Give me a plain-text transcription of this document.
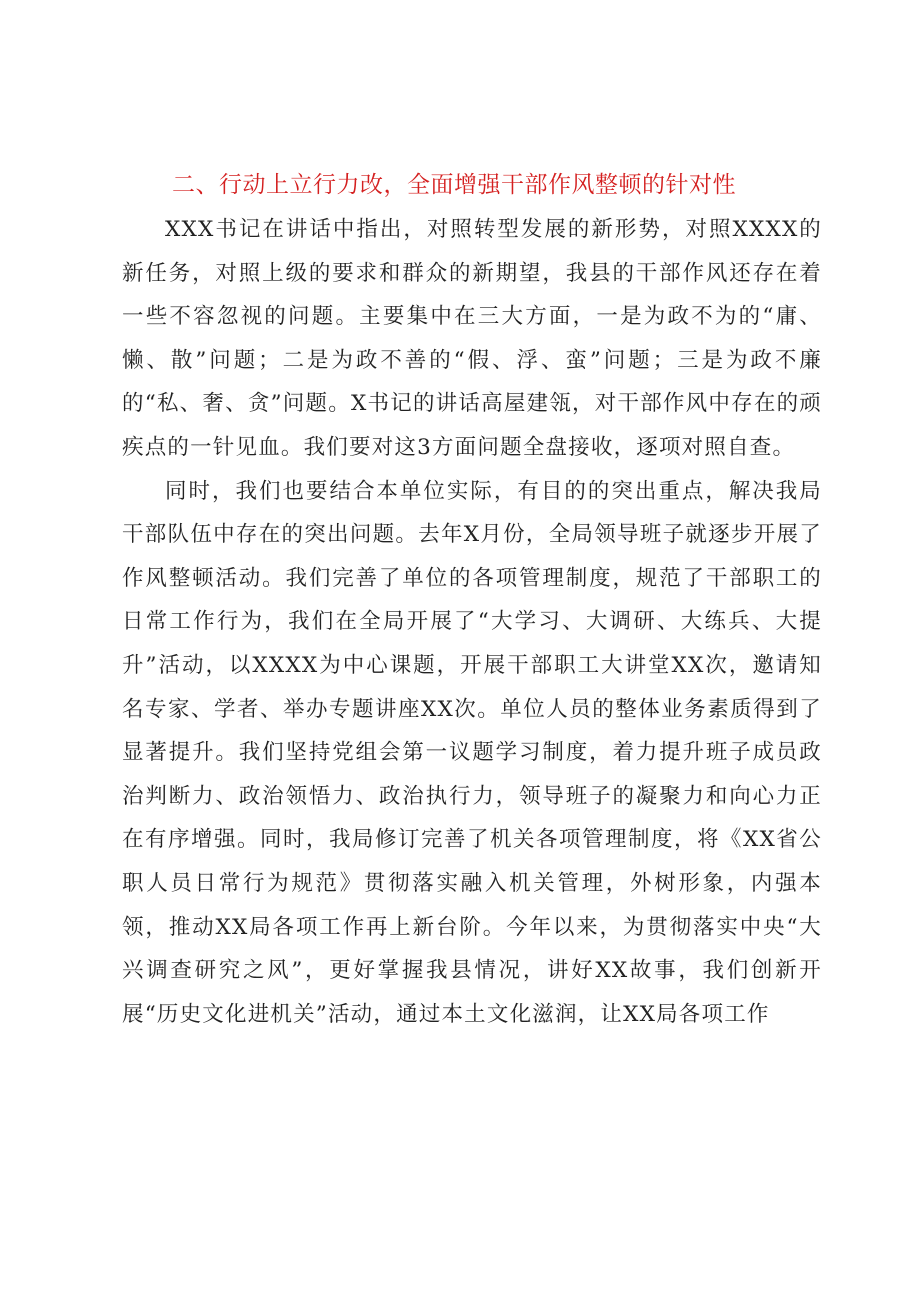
二、行动上立行力改，全面增强干部作风整顿的针对性

XXX书记在讲话中指出，对照转型发展的新形势，对照XXXX的新任务，对照上级的要求和群众的新期望，我县的干部作风还存在着一些不容忽视的问题。主要集中在三大方面，一是为政不为的“庸、懒、散”问题；二是为政不善的“假、浮、蛮”问题；三是为政不廉的“私、奢、贪”问题。X书记的讲话高屋建瓴，对干部作风中存在的顽疾点的一针见血。我们要对这3方面问题全盘接收，逐项对照自查。

同时，我们也要结合本单位实际，有目的的突出重点，解决我局干部队伍中存在的突出问题。去年X月份，全局领导班子就逐步开展了作风整顿活动。我们完善了单位的各项管理制度，规范了干部职工的日常工作行为，我们在全局开展了“大学习、大调研、大练兵、大提升”活动，以XXXX为中心课题，开展干部职工大讲堂XX次，邀请知名专家、学者、举办专题讲座XX次。单位人员的整体业务素质得到了显著提升。我们坚持党组会第一议题学习制度，着力提升班子成员政治判断力、政治领悟力、政治执行力，领导班子的凝聚力和向心力正在有序增强。同时，我局修订完善了机关各项管理制度，将《XX省公职人员日常行为规范》贯彻落实融入机关管理，外树形象，内强本领，推动XX局各项工作再上新台阶。今年以来，为贯彻落实中央“大兴调查研究之风”，更好掌握我县情况，讲好XX故事，我们创新开展“历史文化进机关”活动，通过本土文化滋润，让XX局各项工作
